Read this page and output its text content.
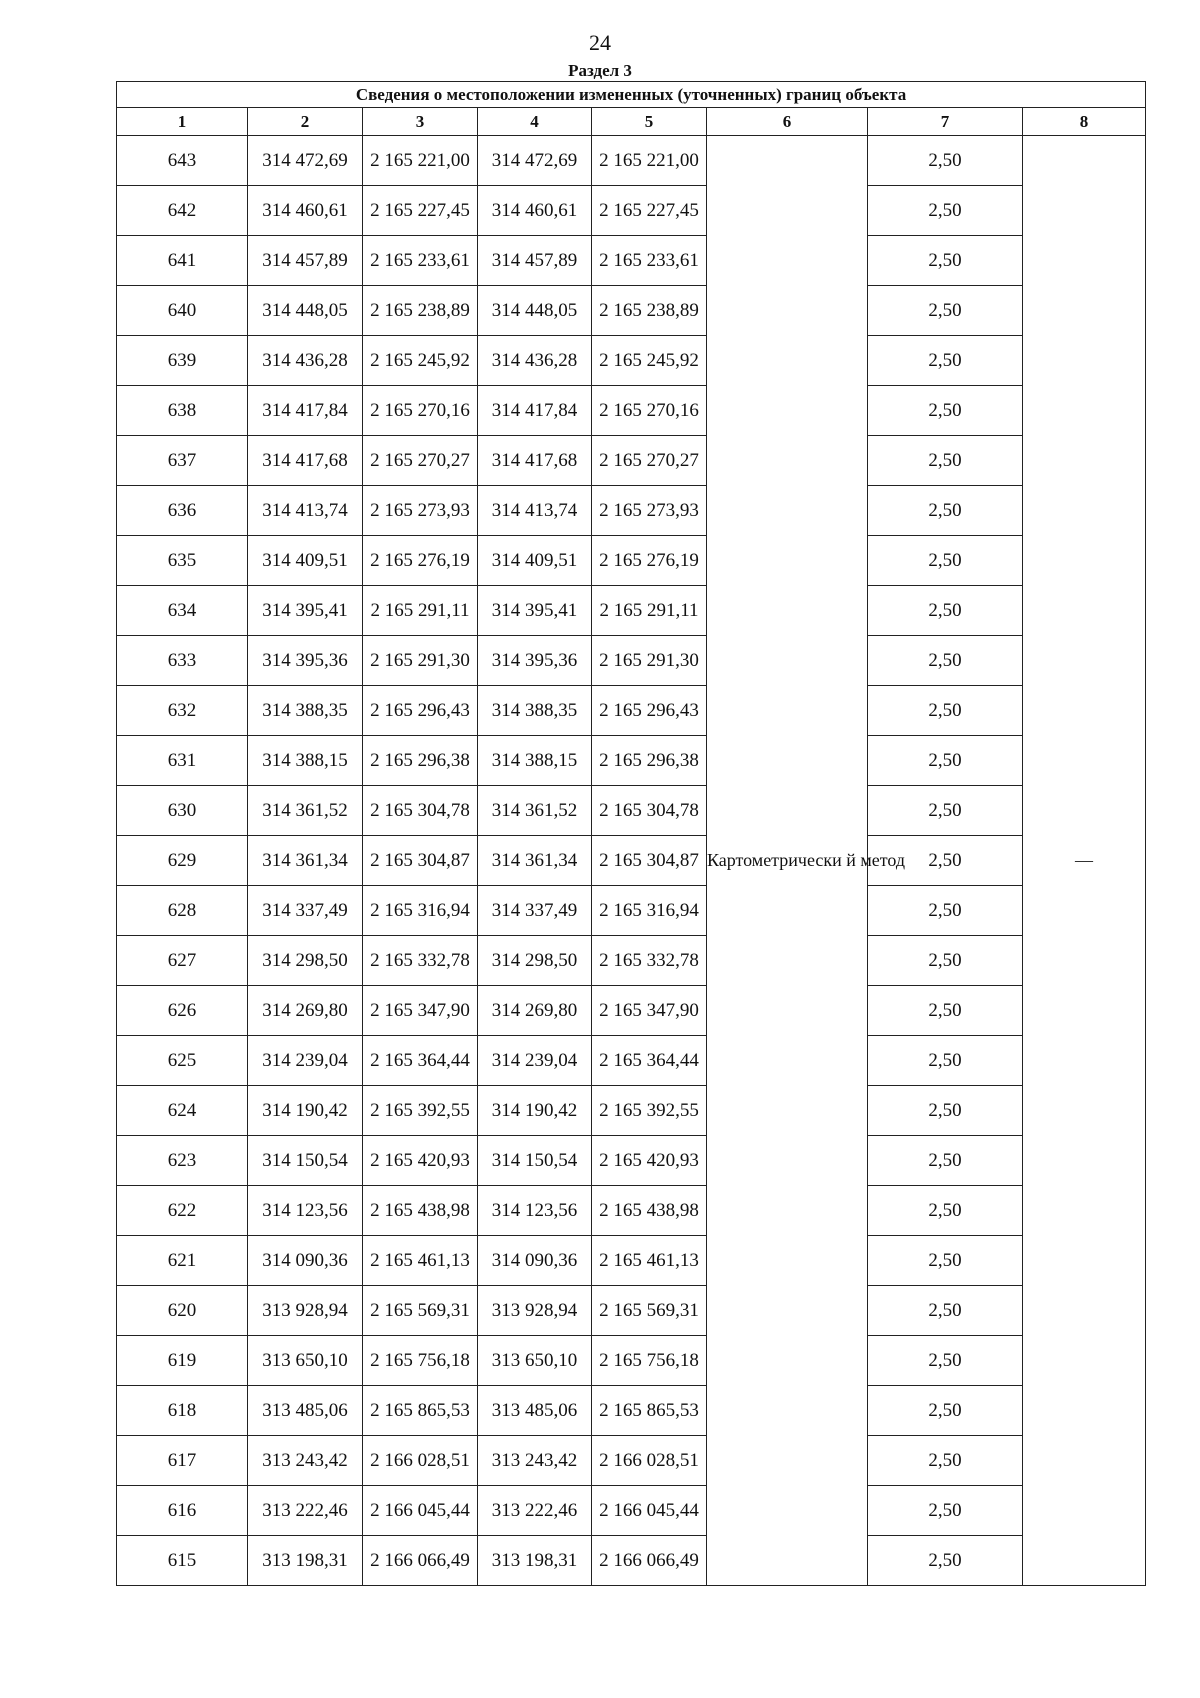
24
Раздел 3
Сведения о местоположении измененных (уточненных) границ объекта							
1	2	3	4	5	6	7	8
643	314 472,69	2 165 221,00	314 472,69	2 165 221,00	Картометрически й метод	2,50	—
642	314 460,61	2 165 227,45	314 460,61	2 165 227,45		2,50	
641	314 457,89	2 165 233,61	314 457,89	2 165 233,61		2,50	
640	314 448,05	2 165 238,89	314 448,05	2 165 238,89		2,50	
639	314 436,28	2 165 245,92	314 436,28	2 165 245,92		2,50	
638	314 417,84	2 165 270,16	314 417,84	2 165 270,16		2,50	
637	314 417,68	2 165 270,27	314 417,68	2 165 270,27		2,50	
636	314 413,74	2 165 273,93	314 413,74	2 165 273,93		2,50	
635	314 409,51	2 165 276,19	314 409,51	2 165 276,19		2,50	
634	314 395,41	2 165 291,11	314 395,41	2 165 291,11		2,50	
633	314 395,36	2 165 291,30	314 395,36	2 165 291,30		2,50	
632	314 388,35	2 165 296,43	314 388,35	2 165 296,43		2,50	
631	314 388,15	2 165 296,38	314 388,15	2 165 296,38		2,50	
630	314 361,52	2 165 304,78	314 361,52	2 165 304,78		2,50	
629	314 361,34	2 165 304,87	314 361,34	2 165 304,87		2,50	
628	314 337,49	2 165 316,94	314 337,49	2 165 316,94		2,50	
627	314 298,50	2 165 332,78	314 298,50	2 165 332,78		2,50	
626	314 269,80	2 165 347,90	314 269,80	2 165 347,90		2,50	
625	314 239,04	2 165 364,44	314 239,04	2 165 364,44		2,50	
624	314 190,42	2 165 392,55	314 190,42	2 165 392,55		2,50	
623	314 150,54	2 165 420,93	314 150,54	2 165 420,93		2,50	
622	314 123,56	2 165 438,98	314 123,56	2 165 438,98		2,50	
621	314 090,36	2 165 461,13	314 090,36	2 165 461,13		2,50	
620	313 928,94	2 165 569,31	313 928,94	2 165 569,31		2,50	
619	313 650,10	2 165 756,18	313 650,10	2 165 756,18		2,50	
618	313 485,06	2 165 865,53	313 485,06	2 165 865,53		2,50	
617	313 243,42	2 166 028,51	313 243,42	2 166 028,51		2,50	
616	313 222,46	2 166 045,44	313 222,46	2 166 045,44		2,50	
615	313 198,31	2 166 066,49	313 198,31	2 166 066,49		2,50	
